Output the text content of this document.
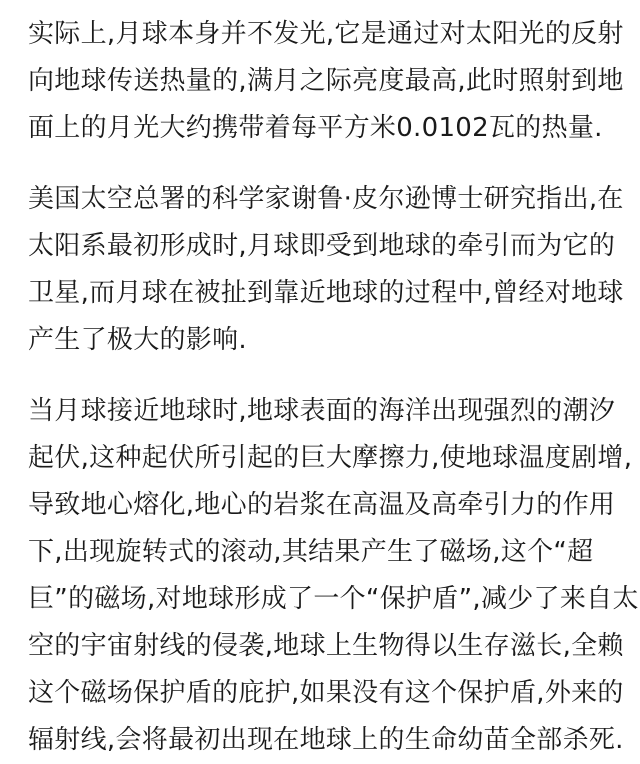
实际上,月球本身并不发光,它是通过对太阳光的反射
向地球传送热量的,满月之际亮度最高,此时照射到地
面上的月光大约携带着每平方米0.0102瓦的热量.
美国太空总署的科学家谢鲁·皮尔逊博士研究指出,在
太阳系最初形成时,月球即受到地球的牵引而为它的
卫星,而月球在被扯到靠近地球的过程中,曾经对地球
产生了极大的影响.
当月球接近地球时,地球表面的海洋出现强烈的潮汐
起伏,这种起伏所引起的巨大摩擦力,使地球温度剧增,
导致地心熔化,地心的岩浆在高温及高牵引力的作用
下,出现旋转式的滚动,其结果产生了磁场,这个“超
巨”的磁场,对地球形成了一个“保护盾”,减少了来自太
空的宇宙射线的侵袭,地球上生物得以生存滋长,全赖
这个磁场保护盾的庇护,如果没有这个保护盾,外来的
辐射线,会将最初出现在地球上的生命幼苗全部杀死.
